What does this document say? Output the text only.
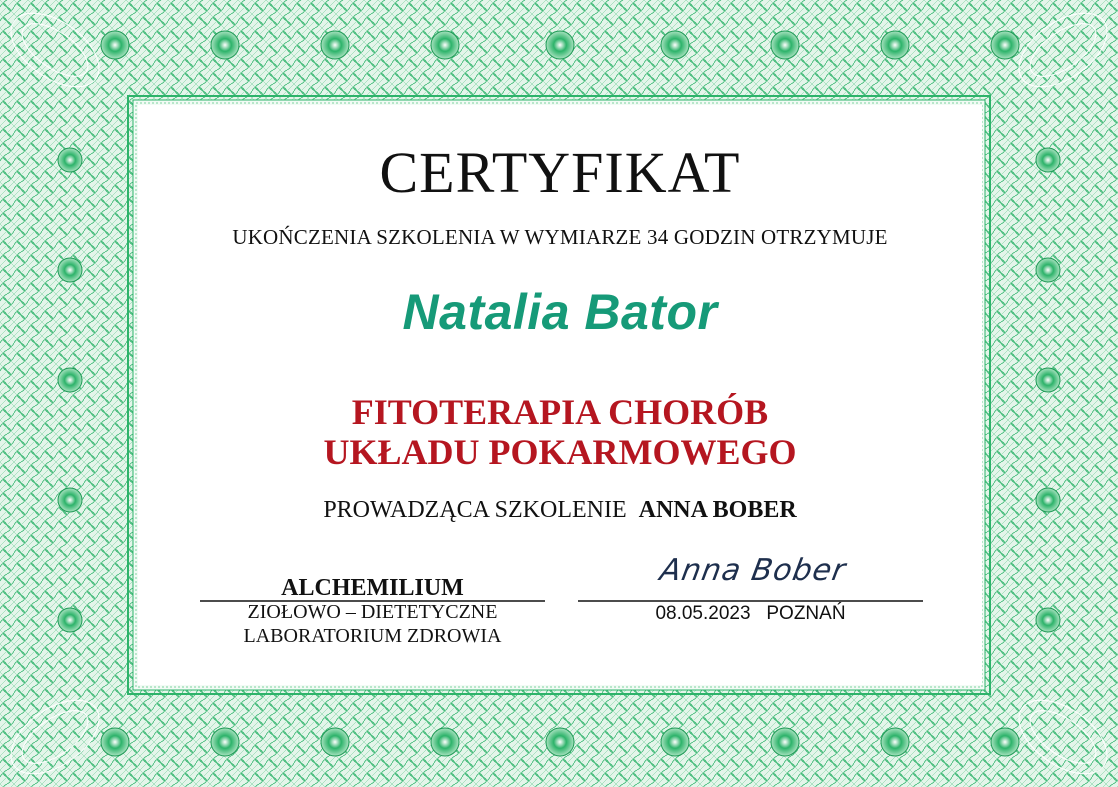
CERTYFIKAT
UKOŃCZENIA SZKOLENIA W WYMIARZE 34 GODZIN OTRZYMUJE
Natalia Bator
FITOTERAPIA CHORÓB
UKŁADU POKARMOWEGO
PROWADZĄCA SZKOLENIE ANNA BOBER
ALCHEMILIUM
ZIOŁOWO – DIETETYCZNE
LABORATORIUM ZDROWIA
Anna Bober
08.05.2023   POZNAŃ
